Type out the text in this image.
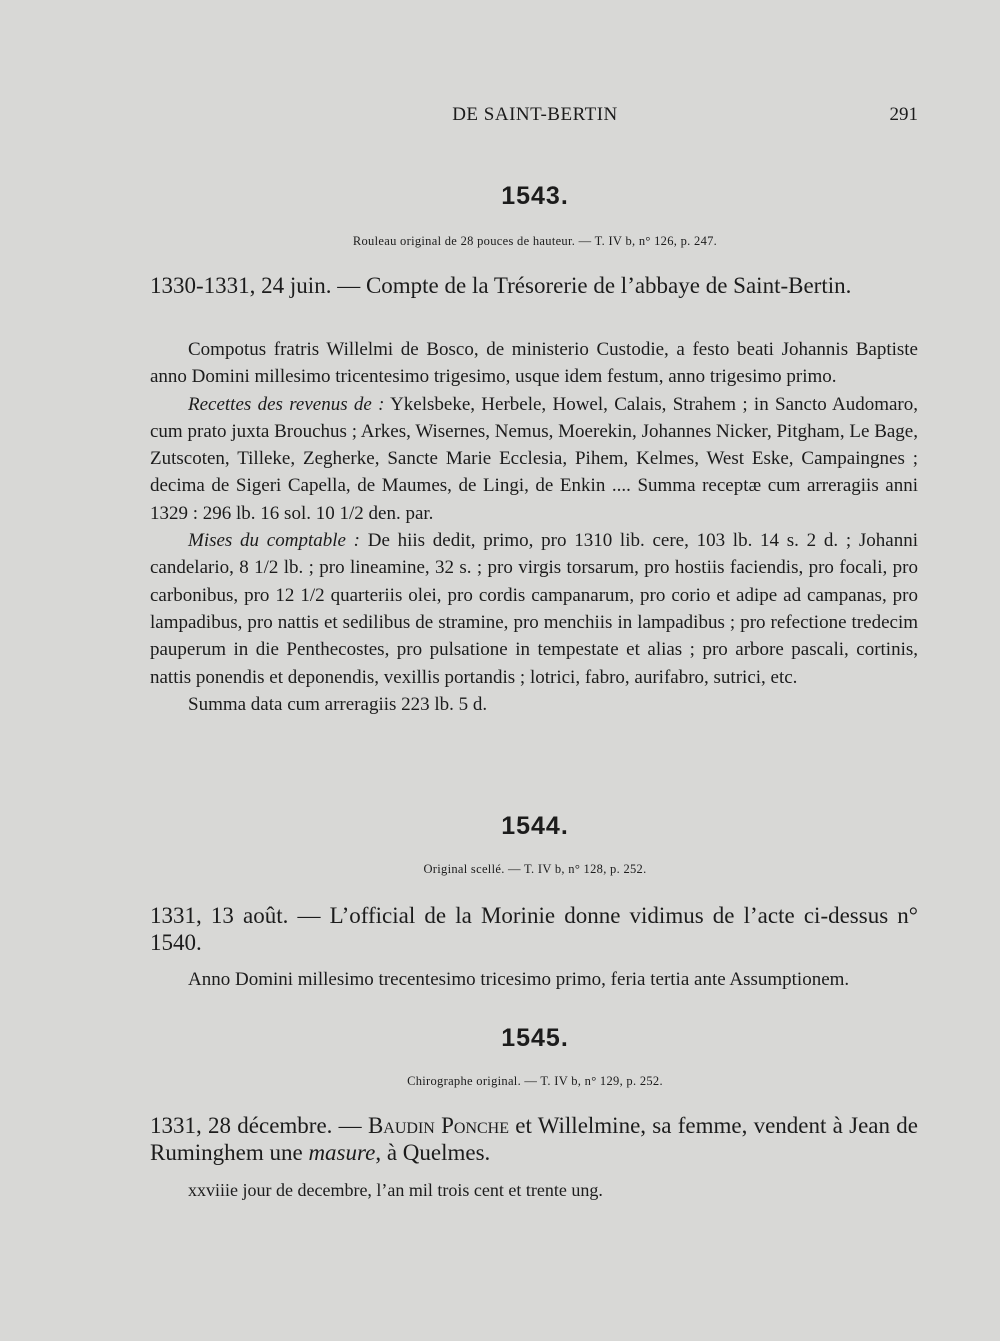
DE SAINT-BERTIN	291
1543.
Rouleau original de 28 pouces de hauteur. — T. IV b, n° 126, p. 247.
1330-1331, 24 juin. — Compte de la Trésorerie de l’abbaye de Saint-Bertin.

Compotus fratris Willelmi de Bosco, de ministerio Custodie, a festo beati Johannis Baptiste anno Domini millesimo tricentesimo trigesimo, usque idem festum, anno trigesimo primo.

Recettes des revenus de : Ykelsbeke, Herbele, Howel, Calais, Strahem ; in Sancto Audomaro, cum prato juxta Brouchus ; Arkes, Wisernes, Nemus, Moerekin, Johannes Nicker, Pitgham, Le Bage, Zutscoten, Tilleke, Zegherke, Sancte Marie Ecclesia, Pihem, Kelmes, West Eske, Campaingnes ; decima de Sigeri Capella, de Maumes, de Lingi, de Enkin .... Summa receptæ cum arreragiis anni 1329 : 296 lb. 16 sol. 10 1/2 den. par.

Mises du comptable : De hiis dedit, primo, pro 1310 lib. cere, 103 lb. 14 s. 2 d. ; Johanni candelario, 8 1/2 lb. ; pro lineamine, 32 s. ; pro virgis torsarum, pro hostiis faciendis, pro focali, pro carbonibus, pro 12 1/2 quarteriis olei, pro cordis campanarum, pro corio et adipe ad campanas, pro lampadibus, pro nattis et sedilibus de stramine, pro menchiis in lampadibus ; pro refectione tredecim pauperum in die Penthecostes, pro pulsatione in tempestate et alias ; pro arbore pascali, cortinis, nattis ponendis et deponendis, vexillis portandis ; lotrici, fabro, aurifabro, sutrici, etc.

Summa data cum arreragiis 223 lb. 5 d.

1544.
Original scellé. — T. IV b, n° 128, p. 252.
1331, 13 août. — L’official de la Morinie donne vidimus de l’acte ci-dessus n° 1540.

Anno Domini millesimo trecentesimo tricesimo primo, feria tertia ante Assumptionem.

1545.
Chirographe original. — T. IV b, n° 129, p. 252.
1331, 28 décembre. — Baudin Ponche et Willelmine, sa femme, vendent à Jean de Ruminghem une masure, à Quelmes.

xxviiie jour de decembre, l’an mil trois cent et trente ung.
